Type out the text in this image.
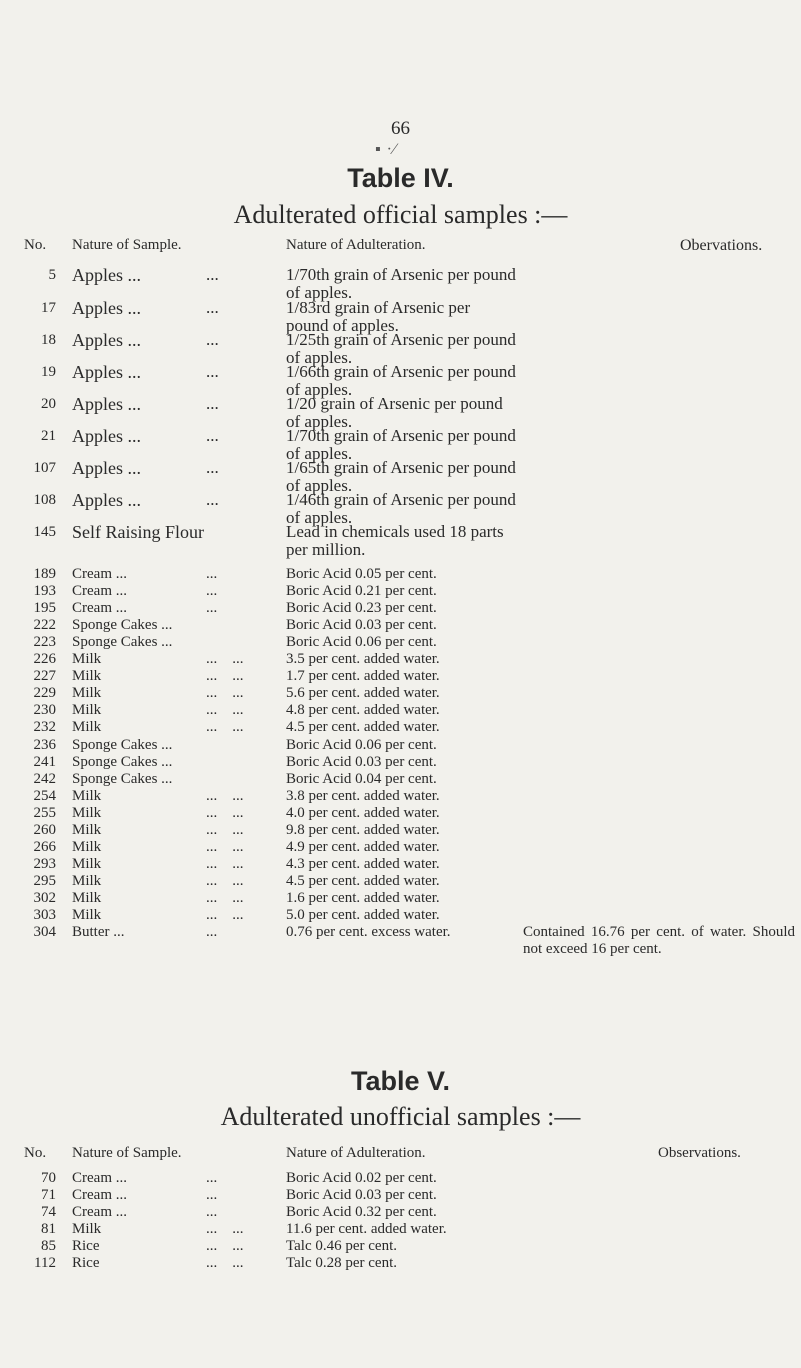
66
▪ ·⁄
Table IV.
Adulterated official samples :—
No. Nature of Sample.	Nature of Adulteration.	Obervations.
5 Apples ...	...	1/70th grain of Arsenic per pound of apples.
17 Apples ...	...	1/83rd grain of Arsenic per pound of apples.
18 Apples ...	...	1/25th grain of Arsenic per pound of apples.
19 Apples ...	...	1/66th grain of Arsenic per pound of apples.
20 Apples ...	...	1/20 grain of Arsenic per pound of apples.
21 Apples ...	...	1/70th grain of Arsenic per pound of apples.
107 Apples ...	...	1/65th grain of Arsenic per pound of apples.
108 Apples ...	...	1/46th grain of Arsenic per pound of apples.
145 Self Raising Flour	Lead in chemicals used 18 parts per million.
189 Cream ...	...	Boric Acid 0.05 per cent.
193 Cream ...	...	Boric Acid 0.21 per cent.
195 Cream ...	...	Boric Acid 0.23 per cent.
222 Sponge Cakes ...	Boric Acid 0.03 per cent.
223 Sponge Cakes ...	Boric Acid 0.06 per cent.
226 Milk	...    ...	3.5 per cent. added water.
227 Milk	...    ...	1.7 per cent. added water.
229 Milk	...    ...	5.6 per cent. added water.
230 Milk	...    ...	4.8 per cent. added water.
232 Milk	...    ...	4.5 per cent. added water.
236 Sponge Cakes ...	Boric Acid 0.06 per cent.
241 Sponge Cakes ...	Boric Acid 0.03 per cent.
242 Sponge Cakes ...	Boric Acid 0.04 per cent.
254 Milk	...    ...	3.8 per cent. added water.
255 Milk	...    ...	4.0 per cent. added water.
260 Milk	...    ...	9.8 per cent. added water.
266 Milk	...    ...	4.9 per cent. added water.
293 Milk	...    ...	4.3 per cent. added water.
295 Milk	...    ...	4.5 per cent. added water.
302 Milk	...    ...	1.6 per cent. added water.
303 Milk	...    ...	5.0 per cent. added water.
304 Butter ...	...	0.76 per cent. excess water.	Contained 16.76 per cent. of water. Should not exceed 16 per cent.
Table V.
Adulterated unofficial samples :—
No. Nature of Sample.	Nature of Adulteration.	Observations.
70 Cream ...	...	Boric Acid 0.02 per cent.
71 Cream ...	...	Boric Acid 0.03 per cent.
74 Cream ...	...	Boric Acid 0.32 per cent.
81 Milk	...    ...	11.6 per cent. added water.
85 Rice	...    ...	Talc 0.46 per cent.
112 Rice	...    ...	Talc 0.28 per cent.
